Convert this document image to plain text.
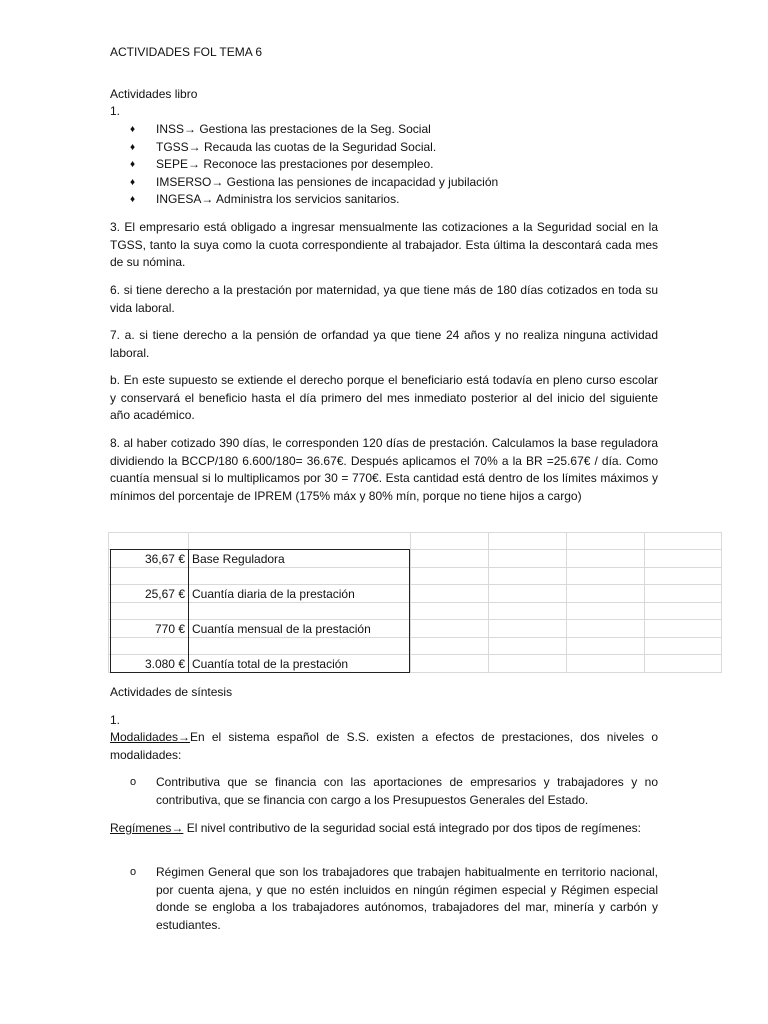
ACTIVIDADES FOL TEMA 6

Actividades libro

1.

♦ INSS→ Gestiona las prestaciones de la Seg. Social
♦ TGSS→ Recauda las cuotas de la Seguridad Social.
♦ SEPE→ Reconoce las prestaciones por desempleo.
♦ IMSERSO→ Gestiona las pensiones de incapacidad y jubilación
♦ INGESA→ Administra los servicios sanitarios.

3. El empresario está obligado a ingresar mensualmente las cotizaciones a la Seguridad social en la TGSS, tanto la suya como la cuota correspondiente al trabajador. Esta última la descontará cada mes de su nómina.

6. si tiene derecho a la prestación por maternidad, ya que tiene más de 180 días cotizados en toda su vida laboral.

7. a. si tiene derecho a la pensión de orfandad ya que tiene 24 años y no realiza ninguna actividad laboral.

b. En este supuesto se extiende el derecho porque el beneficiario está todavía en pleno curso escolar y conservará el beneficio hasta el día primero del mes inmediato posterior al del inicio del siguiente año académico.

8. al haber cotizado 390 días, le corresponden 120 días de prestación. Calculamos la base reguladora dividiendo la BCCP/180 6.600/180= 36.67€. Después aplicamos el 70% a la BR =25.67€ / día. Como cuantía mensual si lo multiplicamos por 30 = 770€. Esta cantidad está dentro de los límites máximos y mínimos del porcentaje de IPREM (175% máx y 80% mín, porque no tiene hijos a cargo)

36,67 € Base Reguladora
25,67 € Cuantía diaria de la prestación
770 € Cuantía mensual de la prestación
3.080 € Cuantía total de la prestación

Actividades de síntesis

1.

Modalidades→En el sistema español de S.S. existen a efectos de prestaciones, dos niveles o modalidades:

o Contributiva que se financia con las aportaciones de empresarios y trabajadores y no contributiva, que se financia con cargo a los Presupuestos Generales del Estado.

Regímenes→ El nivel contributivo de la seguridad social está integrado por dos tipos de regímenes:

o Régimen General que son los trabajadores que trabajen habitualmente en territorio nacional, por cuenta ajena, y que no estén incluidos en ningún régimen especial y Régimen especial donde se engloba a los trabajadores autónomos, trabajadores del mar, minería y carbón y estudiantes.
